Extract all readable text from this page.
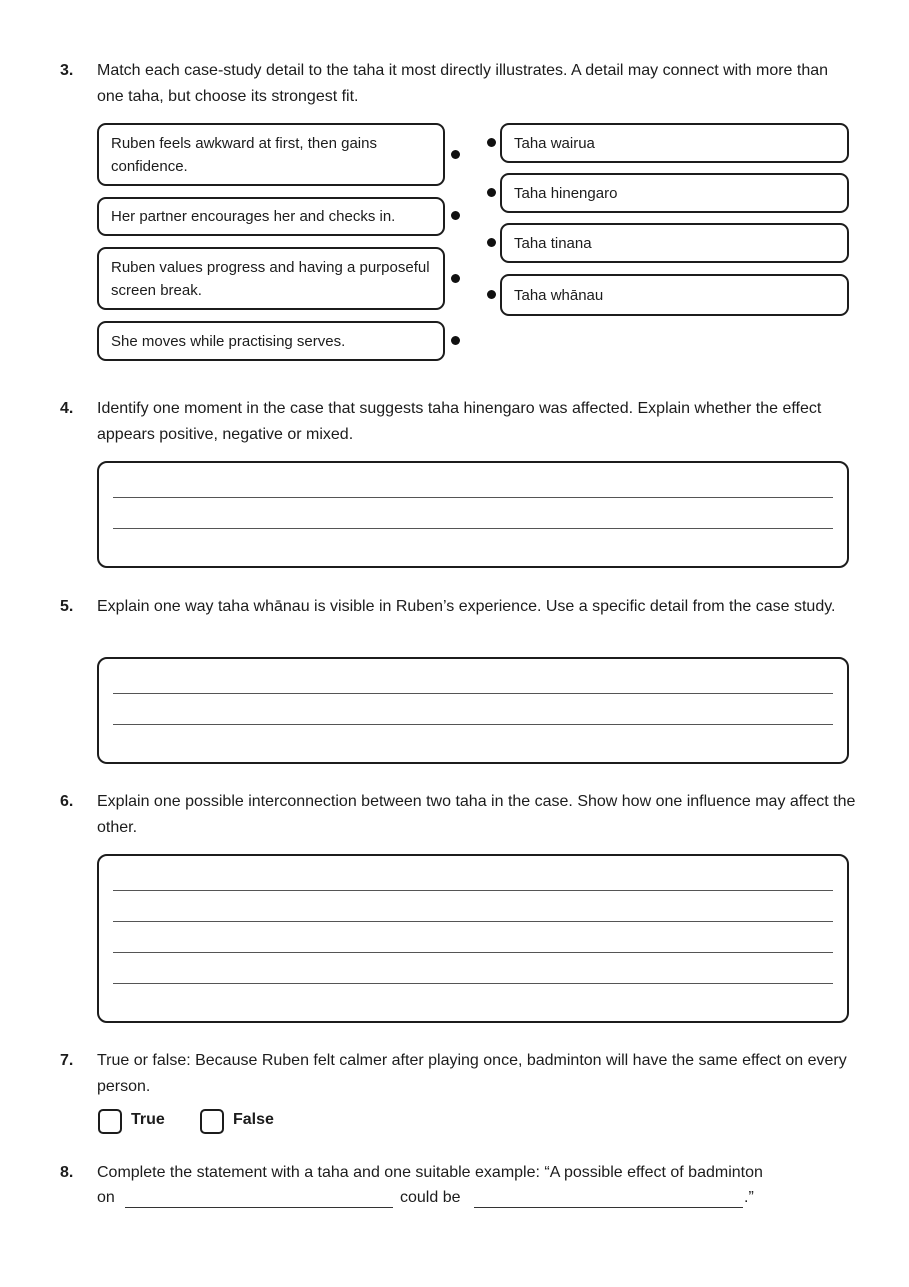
3. Match each case-study detail to the taha it most directly illustrates. A detail may connect with more than one taha, but choose its strongest fit.
Ruben feels awkward at first, then gains confidence.
Her partner encourages her and checks in.
Ruben values progress and having a purposeful screen break.
She moves while practising serves.
Taha wairua
Taha hinengaro
Taha tinana
Taha whānau
4. Identify one moment in the case that suggests taha hinengaro was affected. Explain whether the effect appears positive, negative or mixed.
5. Explain one way taha whānau is visible in Ruben’s experience. Use a specific detail from the case study.
6. Explain one possible interconnection between two taha in the case. Show how one influence may affect the other.
7. True or false: Because Ruben felt calmer after playing once, badminton will have the same effect on every person.
True	False
8. Complete the statement with a taha and one suitable example: “A possible effect of badminton
on	could be	.”
